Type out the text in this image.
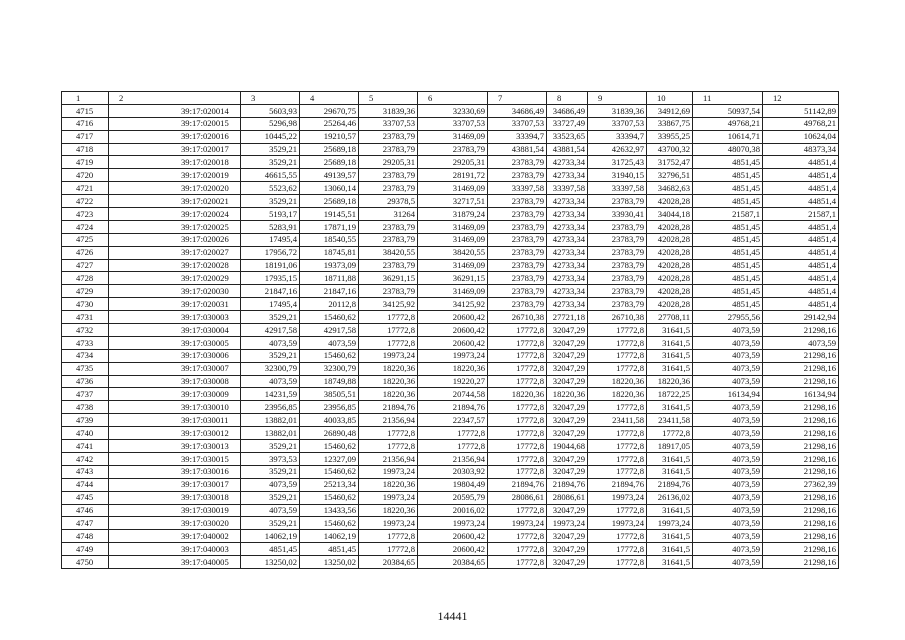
1	2	3	4	5	6	7	8	9	10	11	12
4715	39:17:020014	5603,93	29670,75	31839,36	32330,69	34686,49	34686,49	31839,36	34912,69	50937,54	51142,89
4716	39:17:020015	5296,98	25264,46	33707,53	33707,53	33707,53	33727,49	33707,53	33867,75	49768,21	49768,21
4717	39:17:020016	10445,22	19210,57	23783,79	31469,09	33394,7	33523,65	33394,7	33955,25	10614,71	10624,04
4718	39:17:020017	3529,21	25689,18	23783,79	23783,79	43881,54	43881,54	42632,97	43700,32	48070,38	48373,34
4719	39:17:020018	3529,21	25689,18	29205,31	29205,31	23783,79	42733,34	31725,43	31752,47	4851,45	44851,4
4720	39:17:020019	46615,55	49139,57	23783,79	28191,72	23783,79	42733,34	31940,15	32796,51	4851,45	44851,4
4721	39:17:020020	5523,62	13060,14	23783,79	31469,09	33397,58	33397,58	33397,58	34682,63	4851,45	44851,4
4722	39:17:020021	3529,21	25689,18	29378,5	32717,51	23783,79	42733,34	23783,79	42028,28	4851,45	44851,4
4723	39:17:020024	5193,17	19145,51	31264	31879,24	23783,79	42733,34	33930,41	34044,18	21587,1	21587,1
4724	39:17:020025	5283,91	17871,19	23783,79	31469,09	23783,79	42733,34	23783,79	42028,28	4851,45	44851,4
4725	39:17:020026	17495,4	18540,55	23783,79	31469,09	23783,79	42733,34	23783,79	42028,28	4851,45	44851,4
4726	39:17:020027	17956,72	18745,81	38420,55	38420,55	23783,79	42733,34	23783,79	42028,28	4851,45	44851,4
4727	39:17:020028	18191,06	19373,09	23783,79	31469,09	23783,79	42733,34	23783,79	42028,28	4851,45	44851,4
4728	39:17:020029	17935,15	18711,88	36291,15	36291,15	23783,79	42733,34	23783,79	42028,28	4851,45	44851,4
4729	39:17:020030	21847,16	21847,16	23783,79	31469,09	23783,79	42733,34	23783,79	42028,28	4851,45	44851,4
4730	39:17:020031	17495,4	20112,8	34125,92	34125,92	23783,79	42733,34	23783,79	42028,28	4851,45	44851,4
4731	39:17:030003	3529,21	15460,62	17772,8	20600,42	26710,38	27721,18	26710,38	27708,11	27955,56	29142,94
4732	39:17:030004	42917,58	42917,58	17772,8	20600,42	17772,8	32047,29	17772,8	31641,5	4073,59	21298,16
4733	39:17:030005	4073,59	4073,59	17772,8	20600,42	17772,8	32047,29	17772,8	31641,5	4073,59	4073,59
4734	39:17:030006	3529,21	15460,62	19973,24	19973,24	17772,8	32047,29	17772,8	31641,5	4073,59	21298,16
4735	39:17:030007	32300,79	32300,79	18220,36	18220,36	17772,8	32047,29	17772,8	31641,5	4073,59	21298,16
4736	39:17:030008	4073,59	18749,88	18220,36	19220,27	17772,8	32047,29	18220,36	18220,36	4073,59	21298,16
4737	39:17:030009	14231,59	38505,51	18220,36	20744,58	18220,36	18220,36	18220,36	18722,25	16134,94	16134,94
4738	39:17:030010	23956,85	23956,85	21894,76	21894,76	17772,8	32047,29	17772,8	31641,5	4073,59	21298,16
4739	39:17:030011	13882,01	40033,85	21356,94	22347,57	17772,8	32047,29	23411,58	23411,58	4073,59	21298,16
4740	39:17:030012	13882,01	26890,48	17772,8	17772,8	17772,8	32047,29	17772,8	17772,8	4073,59	21298,16
4741	39:17:030013	3529,21	15460,62	17772,8	17772,8	17772,8	19044,68	17772,8	18917,05	4073,59	21298,16
4742	39:17:030015	3973,53	12327,09	21356,94	21356,94	17772,8	32047,29	17772,8	31641,5	4073,59	21298,16
4743	39:17:030016	3529,21	15460,62	19973,24	20303,92	17772,8	32047,29	17772,8	31641,5	4073,59	21298,16
4744	39:17:030017	4073,59	25213,34	18220,36	19804,49	21894,76	21894,76	21894,76	21894,76	4073,59	27362,39
4745	39:17:030018	3529,21	15460,62	19973,24	20595,79	28086,61	28086,61	19973,24	26136,02	4073,59	21298,16
4746	39:17:030019	4073,59	13433,56	18220,36	20016,02	17772,8	32047,29	17772,8	31641,5	4073,59	21298,16
4747	39:17:030020	3529,21	15460,62	19973,24	19973,24	19973,24	19973,24	19973,24	19973,24	4073,59	21298,16
4748	39:17:040002	14062,19	14062,19	17772,8	20600,42	17772,8	32047,29	17772,8	31641,5	4073,59	21298,16
4749	39:17:040003	4851,45	4851,45	17772,8	20600,42	17772,8	32047,29	17772,8	31641,5	4073,59	21298,16
4750	39:17:040005	13250,02	13250,02	20384,65	20384,65	17772,8	32047,29	17772,8	31641,5	4073,59	21298,16
14441
